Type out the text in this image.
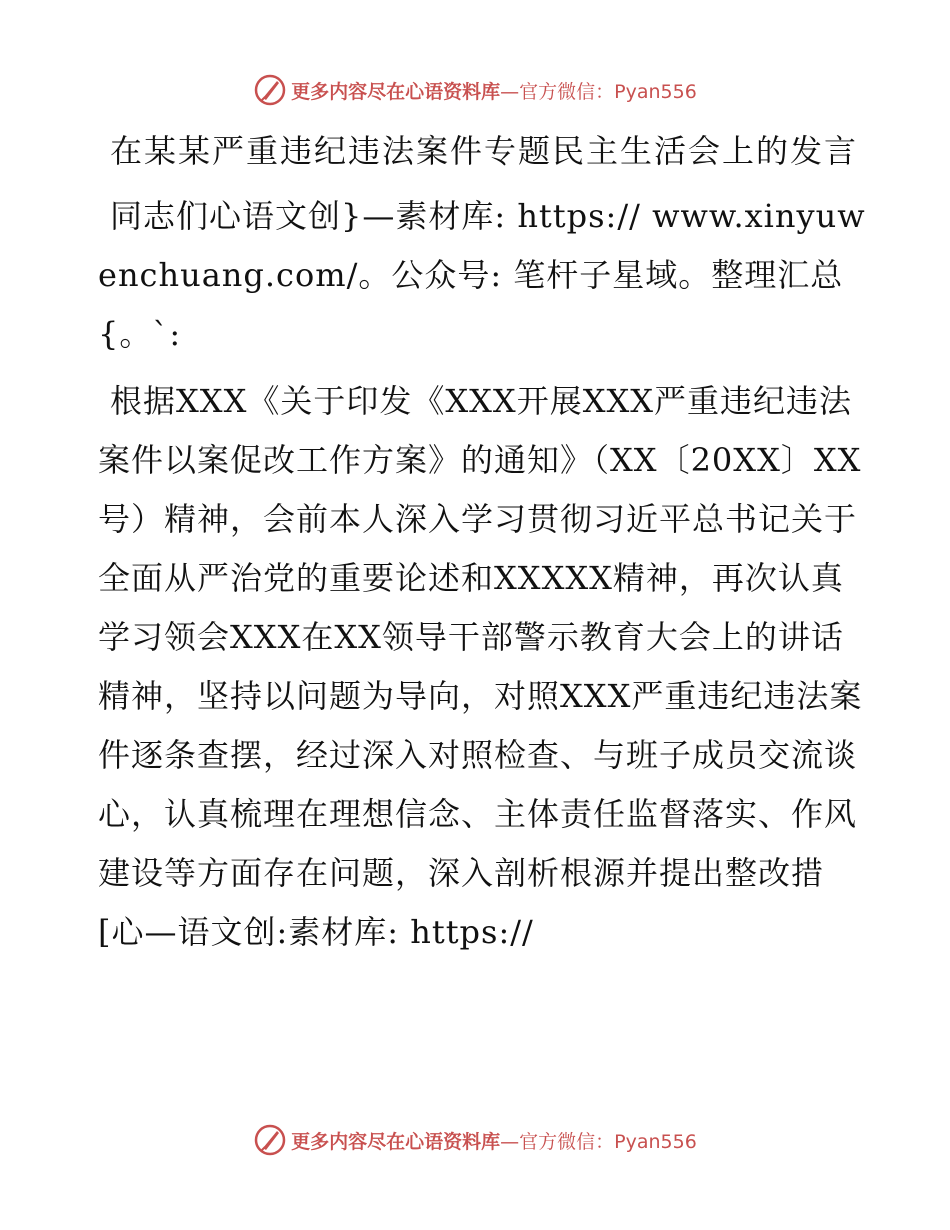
更多内容尽在心语资料库—官方微信：Pyan556

在某某严重违纪违法案件专题民主生活会上的发言

同志们心语文创}—素材库: https:// www.xinyuwenchuang.com/。公众号: 笔杆子星域。整理汇总{。`:

根据XXX《关于印发《XXX开展XXX严重违纪违法案件以案促改工作方案》的通知》（XX〔20XX〕XX号）精神，会前本人深入学习贯彻习近平总书记关于全面从严治党的重要论述和XXXXX精神，再次认真学习领会XXX在XX领导干部警示教育大会上的讲话精神，坚持以问题为导向，对照XXX严重违纪违法案件逐条查摆，经过深入对照检查、与班子成员交流谈心，认真梳理在理想信念、主体责任监督落实、作风建设等方面存在问题，深入剖析根源并提出整改措[心—语文创:素材库: https://

更多内容尽在心语资料库—官方微信：Pyan556
